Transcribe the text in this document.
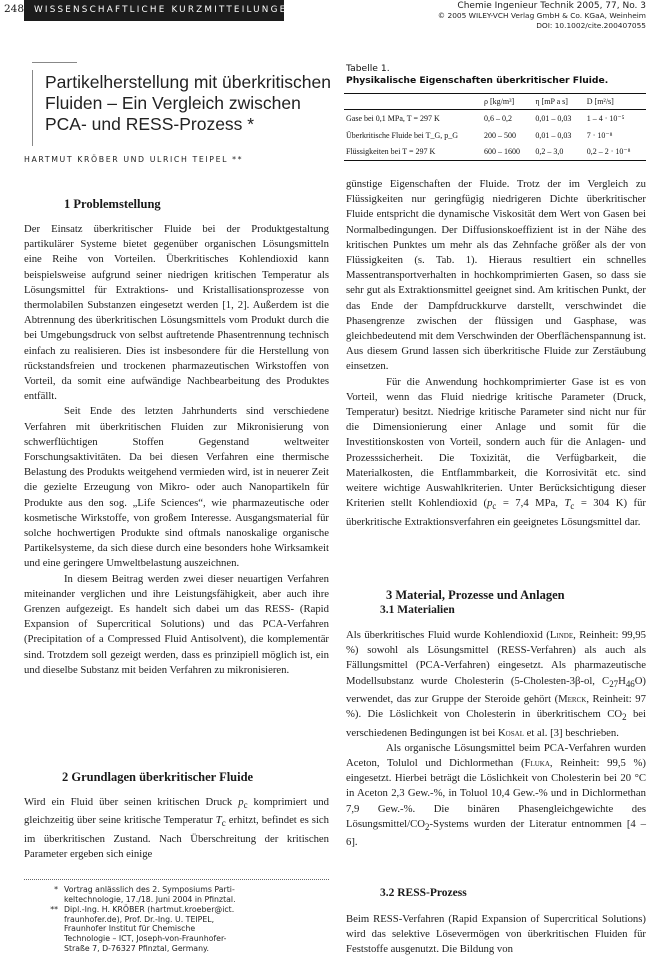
248	WISSENSCHAFTLICHE KURZMITTEILUNGEN	Chemie Ingenieur Technik 2005, 77, No. 3
© 2005 WILEY-VCH Verlag GmbH & Co. KGaA, Weinheim
DOI: 10.1002/cite.200407055
Partikelherstellung mit überkritischen
Fluiden – Ein Vergleich zwischen
PCA- und RESS-Prozess *
HARTMUT KRÖBER UND ULRICH TEIPEL **
1 Problemstellung

Der Einsatz überkritischer Fluide bei der Produktgestaltung partikulärer Systeme bietet gegenüber organischen Lösungsmitteln eine Reihe von Vorteilen. Überkritisches Kohlendioxid kann beispielsweise aufgrund seiner niedrigen kritischen Temperatur als Lösungsmittel für Extraktions- und Kristallisationsprozesse von thermolabilen Substanzen eingesetzt werden [1, 2]. Außerdem ist die Abtrennung des überkritischen Lösungsmittels vom Produkt durch die bei Umgebungsdruck von selbst auftretende Phasentrennung technisch einfach zu realisieren. Dies ist insbesondere für die Herstellung von rückstandsfreien und trockenen pharmazeutischen Wirkstoffen von Vorteil, da somit eine aufwändige Nachbearbeitung des Produktes entfällt.

Seit Ende des letzten Jahrhunderts sind verschiedene Verfahren mit überkritischen Fluiden zur Mikronisierung von schwerflüchtigen Stoffen Gegenstand weltweiter Forschungsaktivitäten. Da bei diesen Verfahren eine thermische Belastung des Produkts weitgehend vermieden wird, ist in neuerer Zeit die gezielte Erzeugung von Mikro- oder auch Nanopartikeln für Produkte aus den sog. „Life Sciences“, wie pharmazeutische oder kosmetische Wirkstoffe, von großem Interesse. Ausgangsmaterial für solche hochwertigen Produkte sind oftmals nanoskalige organische Partikelsysteme, da sich diese durch eine besonders hohe Wirksamkeit und eine geringere Umweltbelastung auszeichnen.

In diesem Beitrag werden zwei dieser neuartigen Verfahren miteinander verglichen und ihre Leistungsfähigkeit, aber auch ihre Grenzen aufgezeigt. Es handelt sich dabei um das RESS- (Rapid Expansion of Supercritical Solutions) und das PCA-Verfahren (Precipitation of a Compressed Fluid Antisolvent), die komplementär sind. Trotzdem soll gezeigt werden, dass es prinzipiell möglich ist, ein und dieselbe Substanz mit beiden Verfahren zu mikronisieren.

2 Grundlagen überkritischer Fluide

Wird ein Fluid über seinen kritischen Druck $p_c$ komprimiert und gleichzeitig über seine kritische Temperatur $T_c$ erhitzt, befindet es sich im überkritischen Zustand. Nach Überschreitung der kritischen Parameter ergeben sich einige

* Vortrag anlässlich des 2. Symposiums Parti-
keltechnologie, 17./18. Juni 2004 in Pfinztal.
** Dipl.-Ing. H. KRÖBER (hartmut.kroeber@ict.
fraunhofer.de), Prof. Dr.-Ing. U. TEIPEL,
Fraunhofer Institut für Chemische
Technologie – ICT, Joseph-von-Fraunhofer-
Straße 7, D-76327 Pfinztal, Germany.
Tabelle 1.
Physikalische Eigenschaften überkritischer Fluide.
	ρ [kg/m³]	η [mP a s]	D [m²/s]
Gase bei 0,1 MPa, T = 297 K	0,6 – 0,2	0,01 – 0,03	1 – 4 · 10⁻⁵
Überkritische Fluide bei T_G, p_G	200 – 500	0,01 – 0,03	7 · 10⁻⁸
Flüssigkeiten bei T = 297 K	600 – 1600	0,2 – 3,0	0,2 – 2 · 10⁻⁸

günstige Eigenschaften der Fluide. Trotz der im Vergleich zu Flüssigkeiten nur geringfügig niedrigeren Dichte überkritischer Fluide entspricht die dynamische Viskosität dem Wert von Gasen bei Normalbedingungen. Der Diffusionskoeffizient ist in der Nähe des kritischen Punktes um mehr als das Zehnfache größer als der von Flüssigkeiten (s. Tab. 1). Hieraus resultiert ein schnelles Massentransportverhalten in hochkomprimierten Gasen, so dass sie sehr gut als Extraktionsmittel geeignet sind. Am kritischen Punkt, der das Ende der Dampfdruckkurve darstellt, verschwindet die Phasengrenze zwischen der flüssigen und Gasphase, was gleichbedeutend mit dem Verschwinden der Oberflächenspannung ist. Aus diesem Grund lassen sich überkritische Fluide zur Zerstäubung einsetzen.

Für die Anwendung hochkomprimierter Gase ist es von Vorteil, wenn das Fluid niedrige kritische Parameter (Druck, Temperatur) besitzt. Niedrige kritische Parameter sind nicht nur für die Dimensionierung einer Anlage und somit für die Investitionskosten von Vorteil, sondern auch für die Anlagen- und Prozesssicherheit. Die Toxizität, die Verfügbarkeit, die Materialkosten, die Entflammbarkeit, die Korrosivität etc. sind weitere wichtige Auswahlkriterien. Unter Berücksichtigung dieser Kriterien stellt Kohlendioxid ($p_c = 7,4$ MPa, $T_c = 304$ K) für überkritische Extraktionsverfahren ein geeignetes Lösungsmittel dar.

3 Material, Prozesse und Anlagen
3.1 Materialien

Als überkritisches Fluid wurde Kohlendioxid (Linde, Reinheit: 99,95 %) sowohl als Lösungsmittel (RESS-Verfahren) als auch als Fällungsmittel (PCA-Verfahren) eingesetzt. Als pharmazeutische Modellsubstanz wurde Cholesterin (5-Cholesten-3β-ol, $C_{27}H_{46}O$) verwendet, das zur Gruppe der Steroide gehört (Merck, Reinheit: 97 %). Die Löslichkeit von Cholesterin in überkritischem $CO_2$ bei verschiedenen Bedingungen ist bei Kosal et al. [3] beschrieben.

Als organische Lösungsmittel beim PCA-Verfahren wurden Aceton, Tolulol und Dichlormethan (Fluka, Reinheit: 99,5 %) eingesetzt. Hierbei beträgt die Löslichkeit von Cholesterin bei 20 °C in Aceton 2,3 Gew.-%, in Toluol 10,4 Gew.-% und in Dichlormethan 7,9 Gew.-%. Die binären Phasengleichgewichte des Lösungsmittel/$CO_2$-Systems wurden der Literatur entnommen [4 – 6].

3.2 RESS-Prozess

Beim RESS-Verfahren (Rapid Expansion of Supercritical Solutions) wird das selektive Lösevermögen von überkritischen Fluiden für Feststoffe ausgenutzt. Die Bildung von
